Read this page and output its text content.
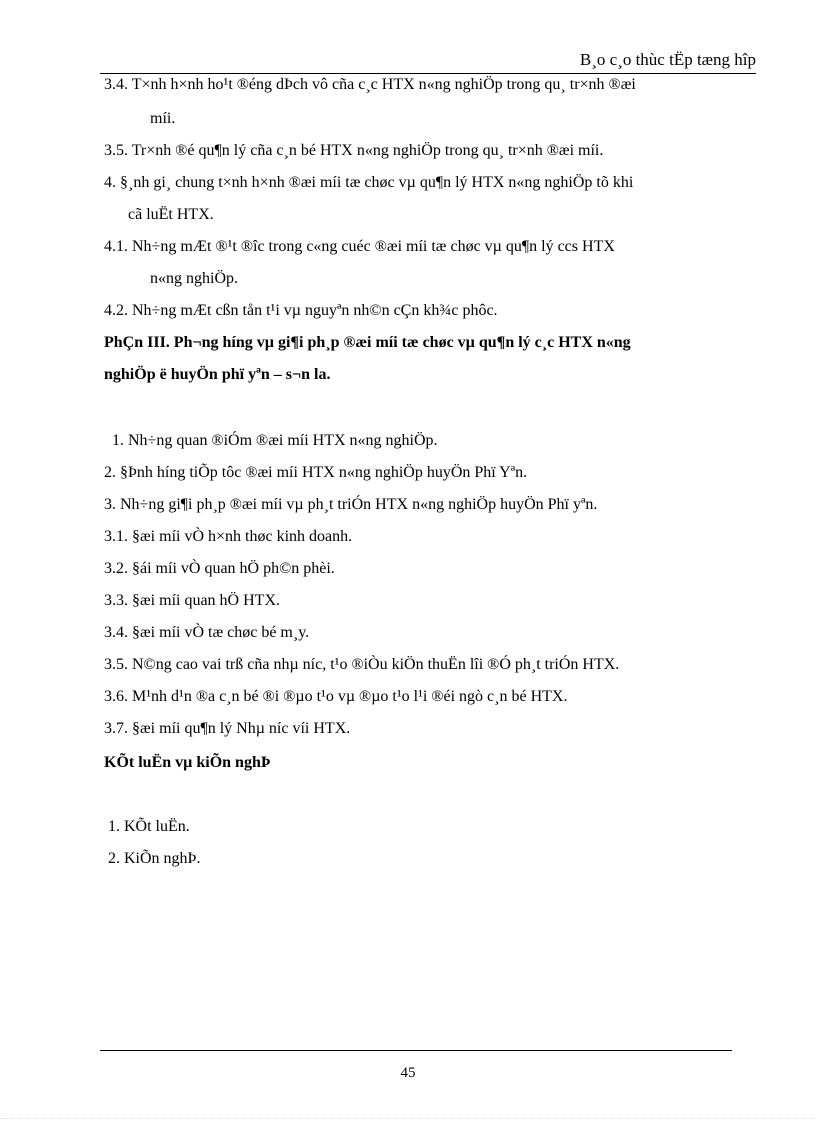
B¸o c¸o thùc tËp tæng hîp
3.4. T×nh h×nh ho¹t ®éng dÞch vô cña c¸c HTX n«ng nghiÖp trong qu¸ tr×nh ®æi
míi.
3.5. Tr×nh ®é qu¶n lý cña c¸n bé HTX n«ng nghiÖp trong qu¸ tr×nh ®æi míi.
4. §¸nh gi¸ chung t×nh h×nh ®æi míi tæ chøc vµ qu¶n lý HTX n«ng nghiÖp tõ khi
cã luËt HTX.
4.1. Nh÷ng mÆt ®¹t ®îc trong c«ng cuéc ®æi míi tæ chøc vµ qu¶n lý ccs HTX
n«ng nghiÖp.
4.2. Nh÷ng mÆt cßn tån t¹i vµ nguyªn nh©n cÇn kh¾c phôc.
PhÇn III. Ph¬ng híng vµ gi¶i ph¸p ®æi míi tæ chøc vµ qu¶n lý c¸c HTX n«ng
nghiÖp ë huyÖn phï yªn – s¬n la.
1. Nh÷ng quan ®iÓm ®æi míi HTX n«ng nghiÖp.
2. §Þnh híng tiÕp tôc ®æi míi HTX n«ng nghiÖp huyÖn Phï Yªn.
3. Nh÷ng gi¶i ph¸p ®æi míi vµ ph¸t triÓn HTX n«ng nghiÖp huyÖn Phï yªn.
3.1. §æi míi vÒ h×nh thøc kinh doanh.
3.2. §ái míi vÒ quan hÖ ph©n phèi.
3.3. §æi míi quan hÖ HTX.
3.4. §æi míi vÒ tæ chøc bé m¸y.
3.5. N©ng cao vai trß cña nhµ níc, t¹o ®iÒu kiÖn thuËn lîi ®Ó ph¸t triÓn HTX.
3.6. M¹nh d¹n ®a c¸n bé ®i ®µo t¹o vµ ®µo t¹o l¹i ®éi ngò c¸n bé HTX.
3.7. §æi míi qu¶n lý Nhµ níc víi HTX.
KÕt luËn vµ kiÕn nghÞ
1. KÕt luËn.
2. KiÕn nghÞ.
45
